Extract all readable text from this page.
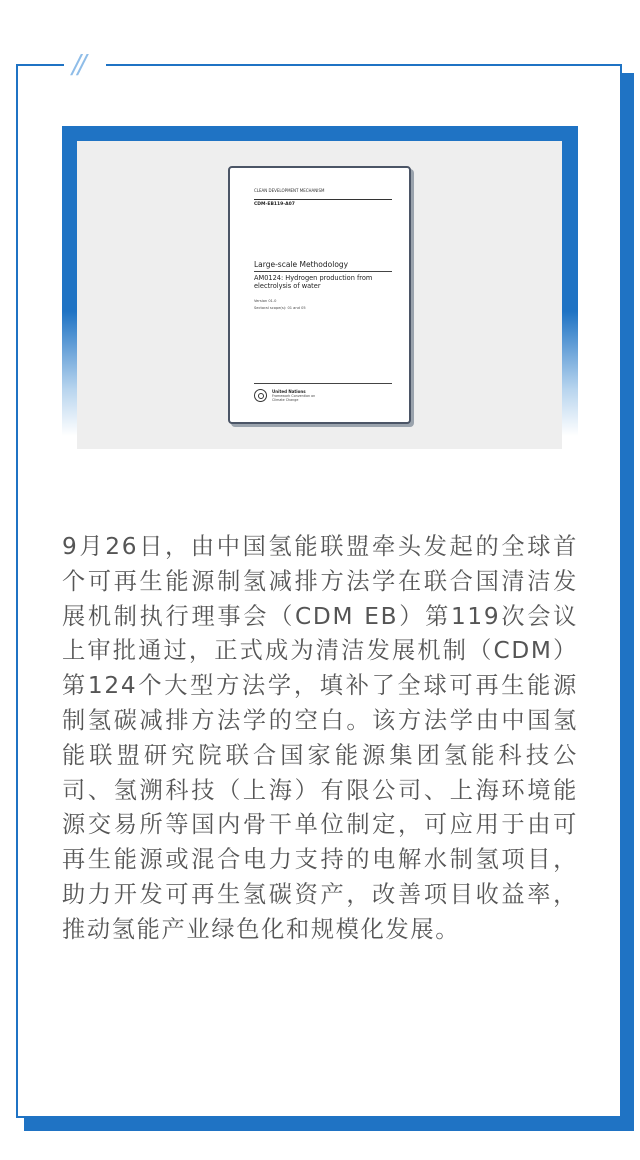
//
CLEAN DEVELOPMENT MECHANISM
CDM-EB119-A07
Large-scale Methodology
AM0124: Hydrogen production from electrolysis of water
Version 01.0
Sectoral scope(s): 01 and 05
United Nations
Framework Convention on
Climate Change

9月26日，由中国氢能联盟牵头发起的全球首个可再生能源制氢减排方法学在联合国清洁发展机制执行理事会（CDM EB）第119次会议上审批通过，正式成为清洁发展机制（CDM）第124个大型方法学，填补了全球可再生能源制氢碳减排方法学的空白。该方法学由中国氢能联盟研究院联合国家能源集团氢能科技公司、氢溯科技（上海）有限公司、上海环境能源交易所等国内骨干单位制定，可应用于由可再生能源或混合电力支持的电解水制氢项目，助力开发可再生氢碳资产，改善项目收益率，推动氢能产业绿色化和规模化发展。
